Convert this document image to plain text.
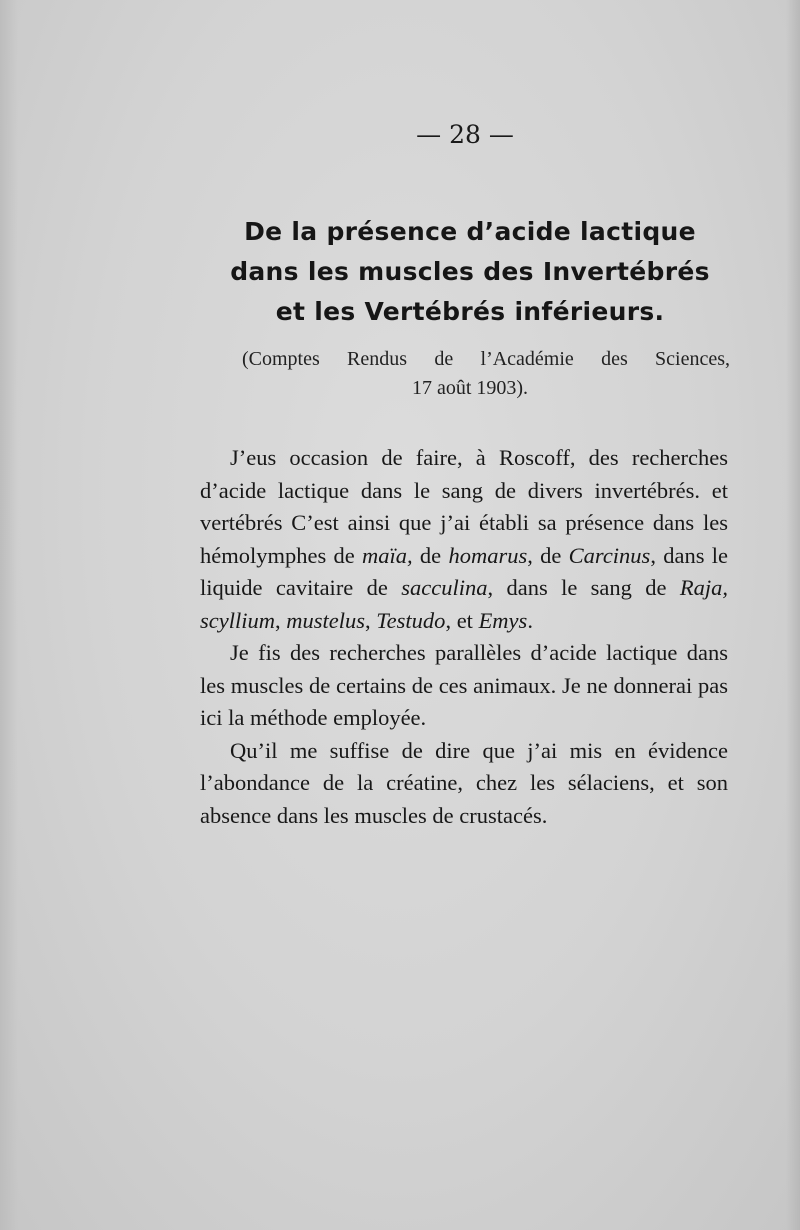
— 28 —
De la présence d’acide lactique
dans les muscles des Invertébrés
et les Vertébrés inférieurs.
(Comptes Rendus de l’Académie des Sciences,
17 août 1903).

J’eus occasion de faire, à Roscoff, des recherches d’acide lactique dans le sang de divers invertébrés. et vertébrés C’est ainsi que j’ai établi sa présence dans les hémolymphes de maïa, de homarus, de Carcinus, dans le liquide cavitaire de sacculina, dans le sang de Raja, scyllium, mustelus, Testudo, et Emys.

Je fis des recherches parallèles d’acide lactique dans les muscles de certains de ces animaux. Je ne donnerai pas ici la méthode employée.

Qu’il me suffise de dire que j’ai mis en évidence l’abondance de la créatine, chez les sélaciens, et son absence dans les muscles de crustacés.
